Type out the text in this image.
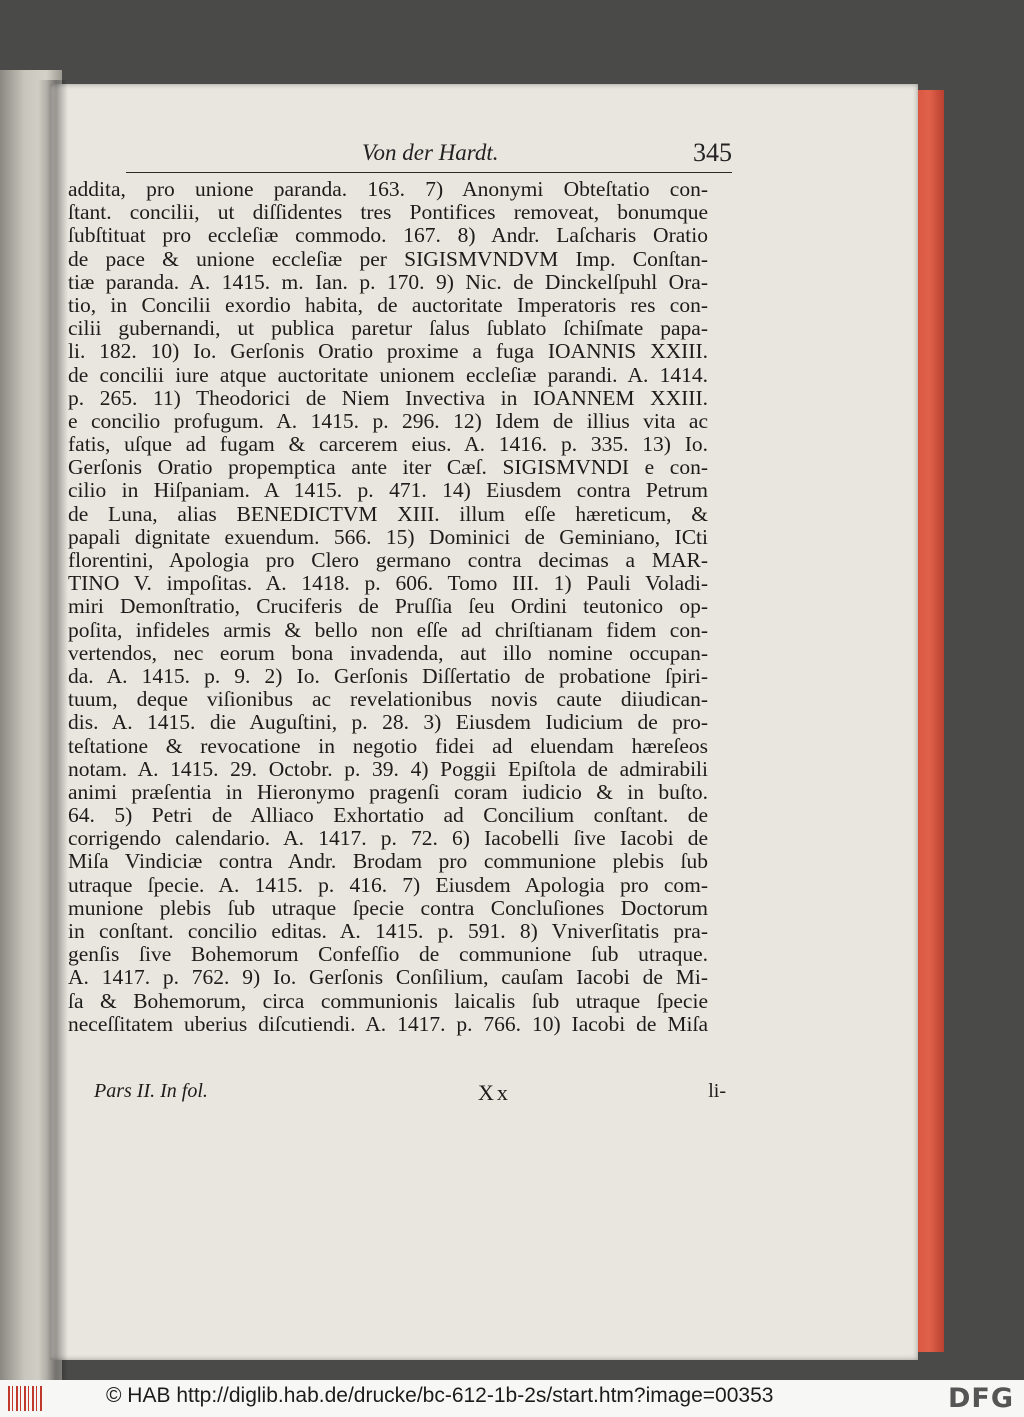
Von der Hardt.	345
addita, pro unione paranda. 163. 7) Anonymi Obteſtatio con-
ſtant. concilii, ut diſſidentes tres Pontifices removeat, bonumque
ſubſtituat pro eccleſiæ commodo. 167. 8) Andr. Laſcharis Oratio
de pace & unione eccleſiæ per SIGISMVNDVM Imp. Conſtan-
tiæ paranda. A. 1415. m. Ian. p. 170. 9) Nic. de Dinckelſpuhl Ora-
tio, in Concilii exordio habita, de auctoritate Imperatoris res con-
cilii gubernandi, ut publica paretur ſalus ſublato ſchiſmate papa-
li. 182. 10) Io. Gerſonis Oratio proxime a fuga IOANNIS XXIII.
de concilii iure atque auctoritate unionem eccleſiæ parandi. A. 1414.
p. 265. 11) Theodorici de Niem Invectiva in IOANNEM XXIII.
e concilio profugum. A. 1415. p. 296. 12) Idem de illius vita ac
fatis, uſque ad fugam & carcerem eius. A. 1416. p. 335. 13) Io.
Gerſonis Oratio propemptica ante iter Cæſ. SIGISMVNDI e con-
cilio in Hiſpaniam. A 1415. p. 471. 14) Eiusdem contra Petrum
de Luna, alias BENEDICTVM XIII. illum eſſe hæreticum, &
papali dignitate exuendum. 566. 15) Dominici de Geminiano, ICti
florentini, Apologia pro Clero germano contra decimas a MAR-
TINO V. impoſitas. A. 1418. p. 606. Tomo III. 1) Pauli Voladi-
miri Demonſtratio, Cruciferis de Pruſſia ſeu Ordini teutonico op-
poſita, infideles armis & bello non eſſe ad chriſtianam fidem con-
vertendos, nec eorum bona invadenda, aut illo nomine occupan-
da. A. 1415. p. 9. 2) Io. Gerſonis Diſſertatio de probatione ſpiri-
tuum, deque viſionibus ac revelationibus novis caute diiudican-
dis. A. 1415. die Auguſtini, p. 28. 3) Eiusdem Iudicium de pro-
teſtatione & revocatione in negotio fidei ad eluendam hæreſeos
notam. A. 1415. 29. Octobr. p. 39. 4) Poggii Epiſtola de admirabili
animi præſentia in Hieronymo pragenſi coram iudicio & in buſto.
64. 5) Petri de Alliaco Exhortatio ad Concilium conſtant. de
corrigendo calendario. A. 1417. p. 72. 6) Iacobelli ſive Iacobi de
Miſa Vindiciæ contra Andr. Brodam pro communione plebis ſub
utraque ſpecie. A. 1415. p. 416. 7) Eiusdem Apologia pro com-
munione plebis ſub utraque ſpecie contra Concluſiones Doctorum
in conſtant. concilio editas. A. 1415. p. 591. 8) Vniverſitatis pra-
genſis ſive Bohemorum Confeſſio de communione ſub utraque.
A. 1417. p. 762. 9) Io. Gerſonis Conſilium, cauſam Iacobi de Mi-
ſa & Bohemorum, circa communionis laicalis ſub utraque ſpecie
neceſſitatem uberius diſcutiendi. A. 1417. p. 766. 10) Iacobi de Miſa
Pars II. In fol.	Xx	li-
© HAB http://diglib.hab.de/drucke/bc-612-1b-2s/start.htm?image=00353	DFG
